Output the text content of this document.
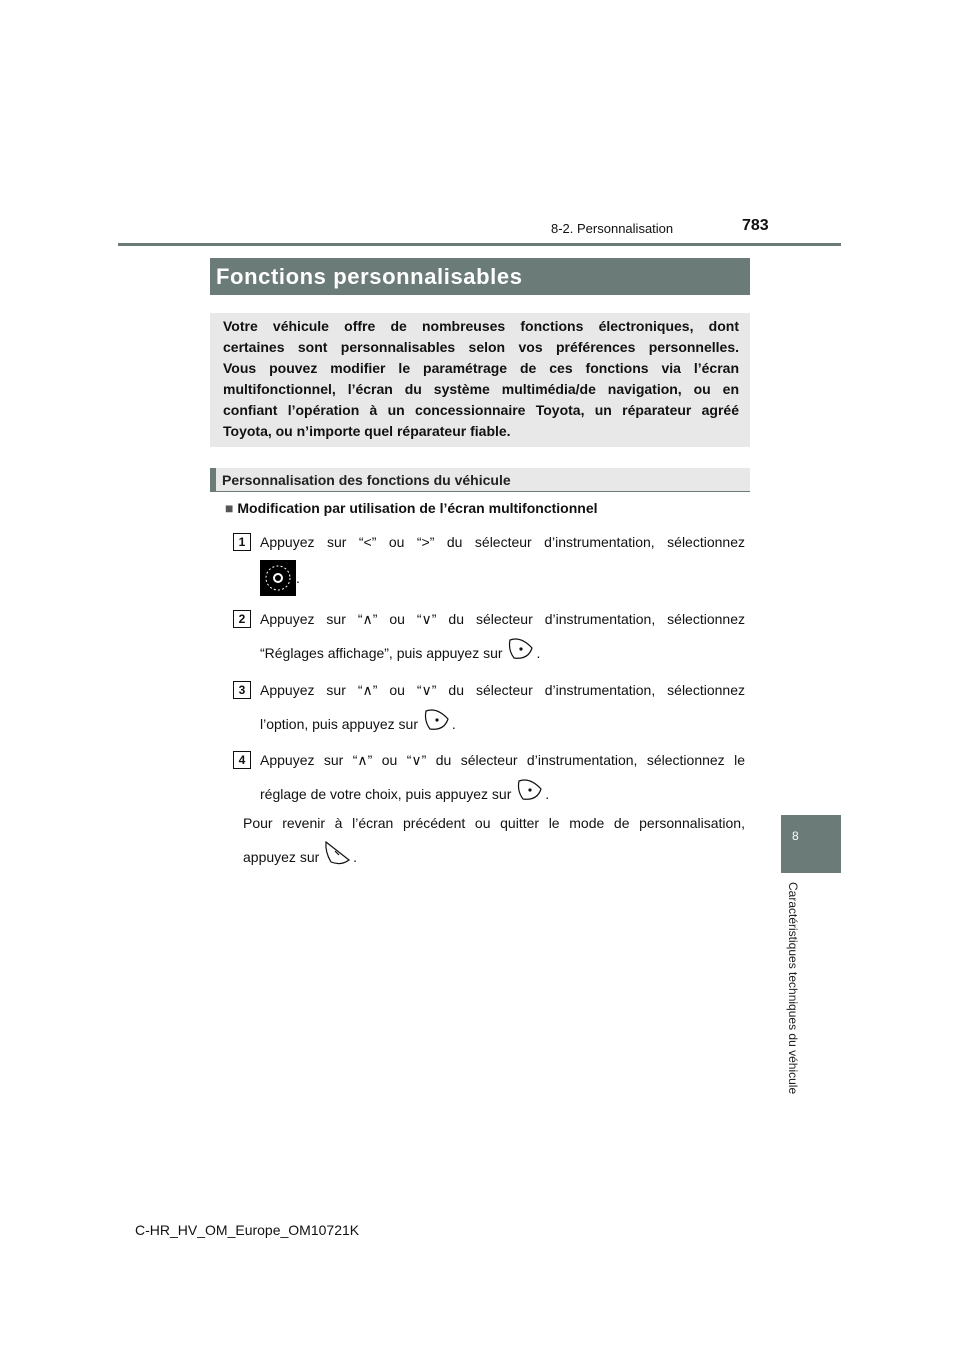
8-2. Personnalisation	783
Fonctions personnalisables
Votre véhicule offre de nombreuses fonctions électroniques, dont
certaines sont personnalisables selon vos préférences personnelles.
Vous pouvez modifier le paramétrage de ces fonctions via l’écran
multifonctionnel, l’écran du système multimédia/de navigation, ou en
confiant l’opération à un concessionnaire Toyota, un réparateur agréé
Toyota, ou n’importe quel réparateur fiable.
Personnalisation des fonctions du véhicule
■ Modification par utilisation de l’écran multifonctionnel
1	Appuyez sur “<” ou “>” du sélecteur d’instrumentation, sélectionnez
.
2	Appuyez sur “∧” ou “∨” du sélecteur d’instrumentation, sélectionnez
“Réglages affichage”, puis appuyez sur .
3	Appuyez sur “∧” ou “∨” du sélecteur d’instrumentation, sélectionnez
l’option, puis appuyez sur .
4	Appuyez sur “∧” ou “∨” du sélecteur d’instrumentation, sélectionnez le
réglage de votre choix, puis appuyez sur .
Pour revenir à l’écran précédent ou quitter le mode de personnalisation,
appuyez sur .
8
Caractéristiques techniques du véhicule
C-HR_HV_OM_Europe_OM10721K
